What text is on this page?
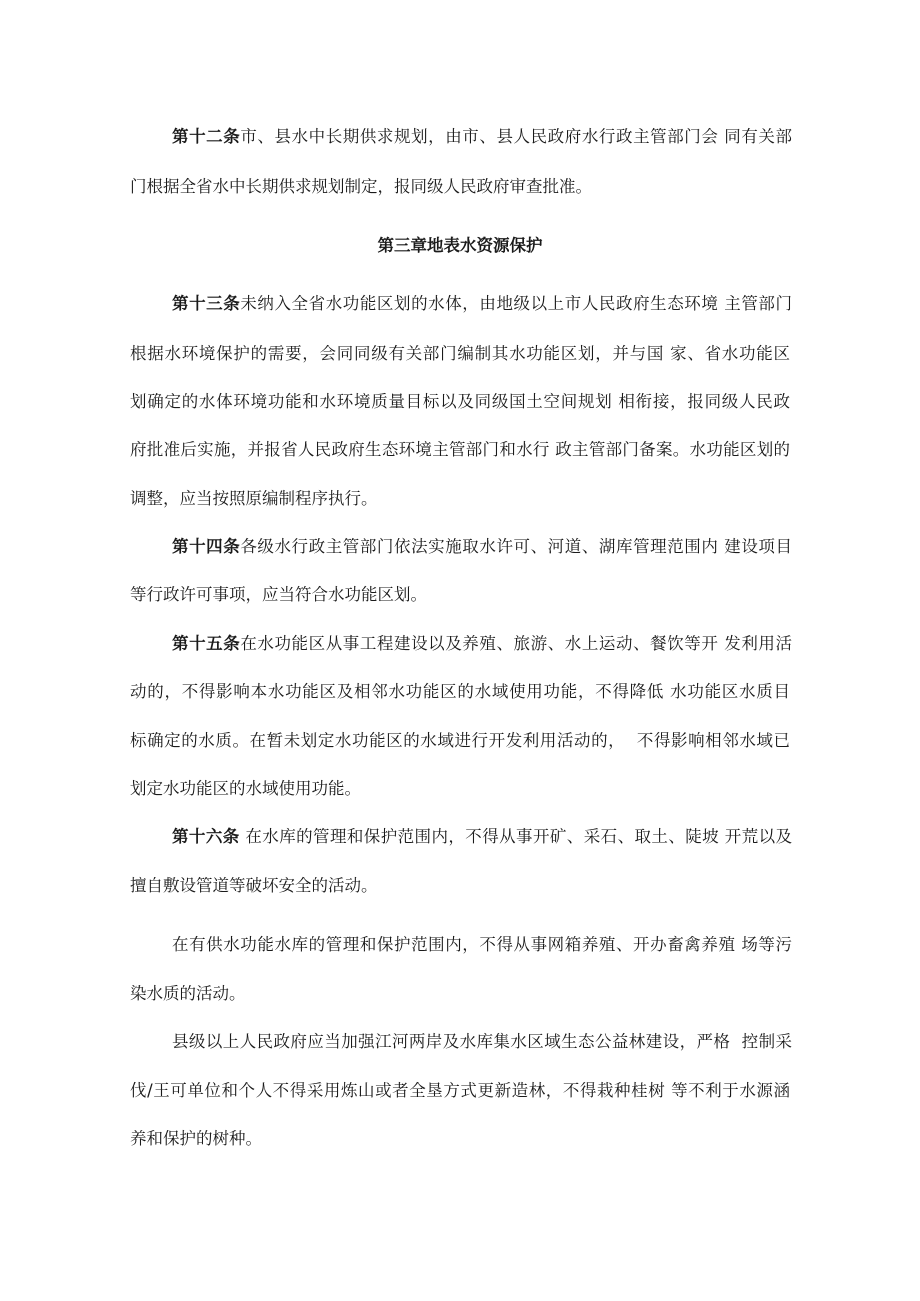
第十二条市、县水中长期供求规划，由市、县人民政府水行政主管部门会 同有关部
门根据全省水中长期供求规划制定，报同级人民政府审查批准。
第三章地表水资源保护
第十三条未纳入全省水功能区划的水体，由地级以上市人民政府生态环境 主管部门
根据水环境保护的需要，会同同级有关部门编制其水功能区划，并与国 家、省水功能区
划确定的水体环境功能和水环境质量目标以及同级国土空间规划 相衔接，报同级人民政
府批准后实施，并报省人民政府生态环境主管部门和水行 政主管部门备案。水功能区划的
调整，应当按照原编制程序执行。
第十四条各级水行政主管部门依法实施取水许可、河道、湖库管理范围内 建设项目
等行政许可事项，应当符合水功能区划。
第十五条在水功能区从事工程建设以及养殖、旅游、水上运动、餐饮等开 发利用活
动的，不得影响本水功能区及相邻水功能区的水域使用功能，不得降低 水功能区水质目
标确定的水质。在暂未划定水功能区的水域进行开发利用活动的，  不得影响相邻水域已
划定水功能区的水域使用功能。
第十六条 在水库的管理和保护范围内，不得从事开矿、采石、取土、陡坡 开荒以及
擅自敷设管道等破坏安全的活动。
在有供水功能水库的管理和保护范围内，不得从事网箱养殖、开办畜禽养殖 场等污
染水质的活动。
县级以上人民政府应当加强江河两岸及水库集水区域生态公益林建设，严格  控制采
伐/王可单位和个人不得采用炼山或者全垦方式更新造林，不得栽种桂树 等不利于水源涵
养和保护的树种。
